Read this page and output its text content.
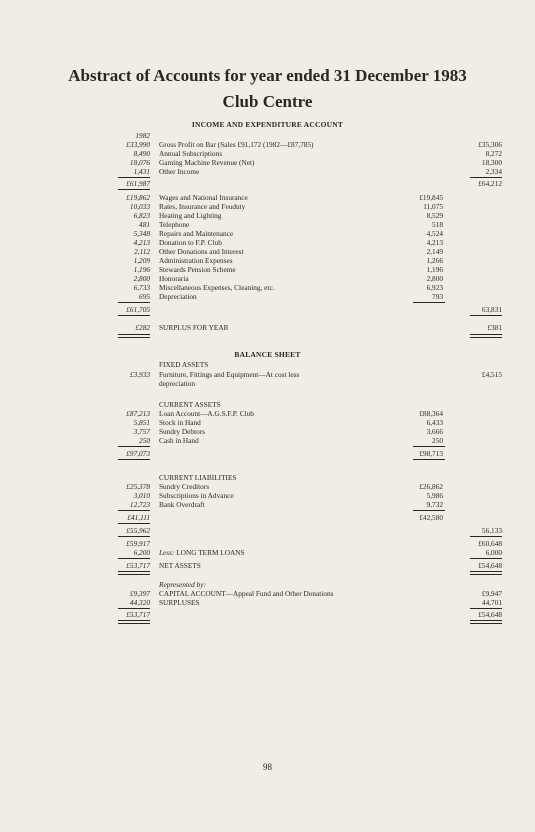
Abstract of Accounts for year ended 31 December 1983
Club Centre
INCOME AND EXPENDITURE ACCOUNT
1982
£33,990 Gross Profit on Bar (Sales £91,172 (1982—£87,785)	£35,306
8,490 Annual Subscriptions	8,272
18,076 Gaming Machine Revenue (Net)	18,300
1,431 Other Income	2,334
£61,987	£64,212
£19,862 Wages and National Insurance	£19,845
10,033 Rates, Insurance and Feuduty	11,075
6,823 Heating and Lighting	8,529
481 Telephone	518
5,348 Repairs and Maintenance	4,524
4,213 Donation to F.P. Club	4,213
2,112 Other Donations and Interest	2,149
1,209 Administration Expenses	1,266
1,196 Stewards Pension Scheme	1,196
2,800 Honoraria	2,800
6,733 Miscellaneous Expenses, Cleaning, etc.	6,923
695 Depreciation	793
£61,705	63,831
£282 SURPLUS FOR YEAR	£381
BALANCE SHEET
FIXED ASSETS
£3,933 Furniture, Fittings and Equipment—At cost less	£4,515
depreciation
CURRENT ASSETS
£87,213 Loan Account—A.G.S.F.P. Club	£88,364
5,851 Stock in Hand	6,433
3,757 Sundry Debtors	3,666
250 Cash in Hand	250
£97,073	£98,713
CURRENT LIABILITIES
£25,378 Sundry Creditors	£26,862
3,010 Subscriptions in Advance	5,986
12,723 Bank Overdraft	9,732
£41,111	£42,580
£55,962	56,133
£59,917	£60,648
6,200 Less: LONG TERM LOANS	6,000
£53,717 NET ASSETS	£54,648
Represented by:
£9,397 CAPITAL ACCOUNT—Appeal Fund and Other Donations	£9,947
44,320 SURPLUSES	44,701
£53,717	£54,648
98
